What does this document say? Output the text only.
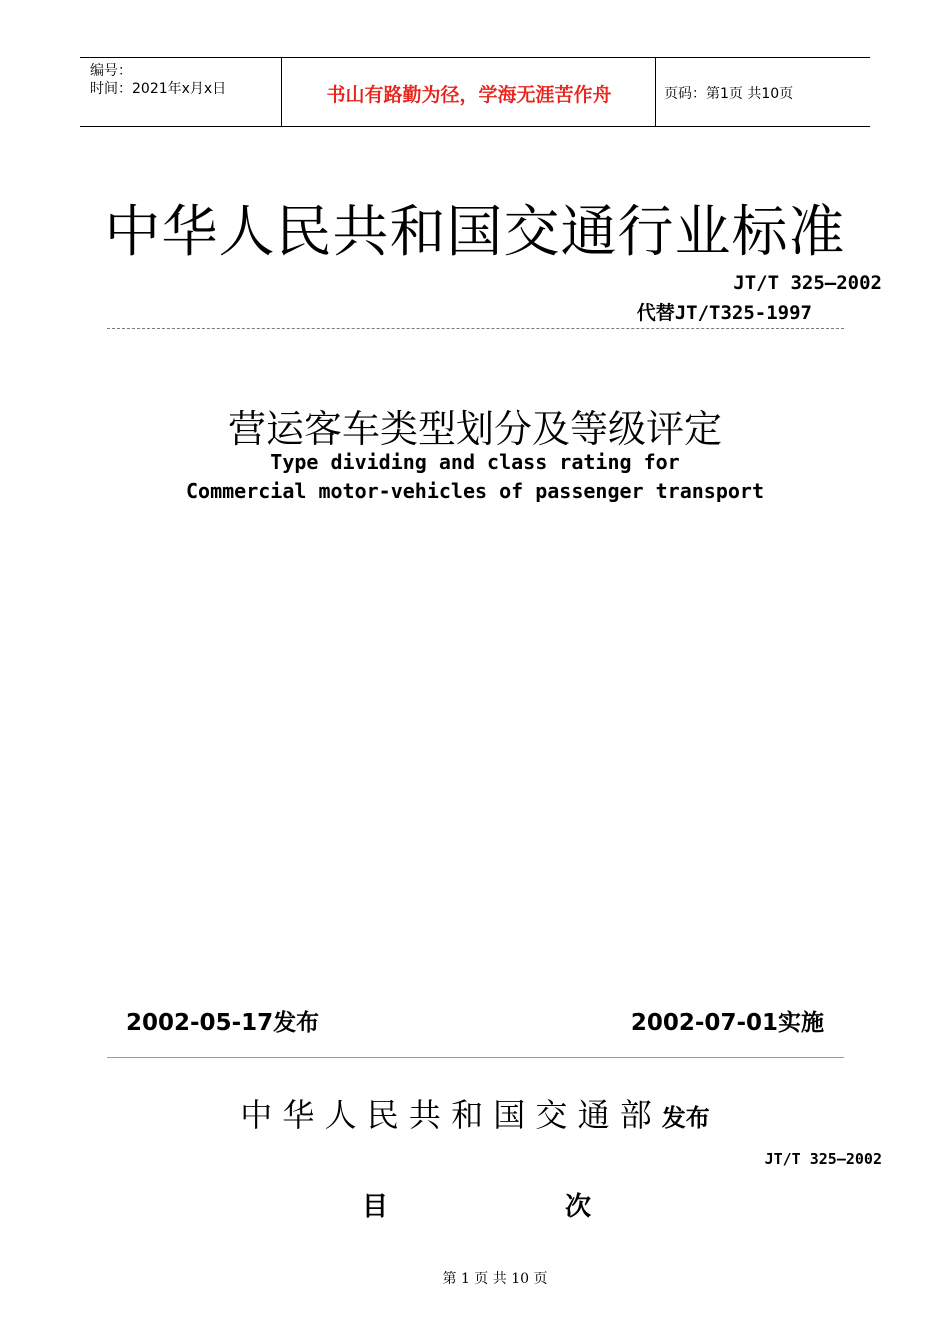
编号：
时间：2021年x月x日	书山有路勤为径，学海无涯苦作舟	页码：第1页 共10页
中华人民共和国交通行业标准
JT/T 325—2002
代替JT/T325-1997
营运客车类型划分及等级评定
Type dividing and class rating for
Commercial motor-vehicles of passenger transport
2002-05-17发布	2002-07-01实施
中 华 人 民 共 和 国 交 通 部 发布
JT/T 325—2002
目	次
第 1 页 共 10 页
